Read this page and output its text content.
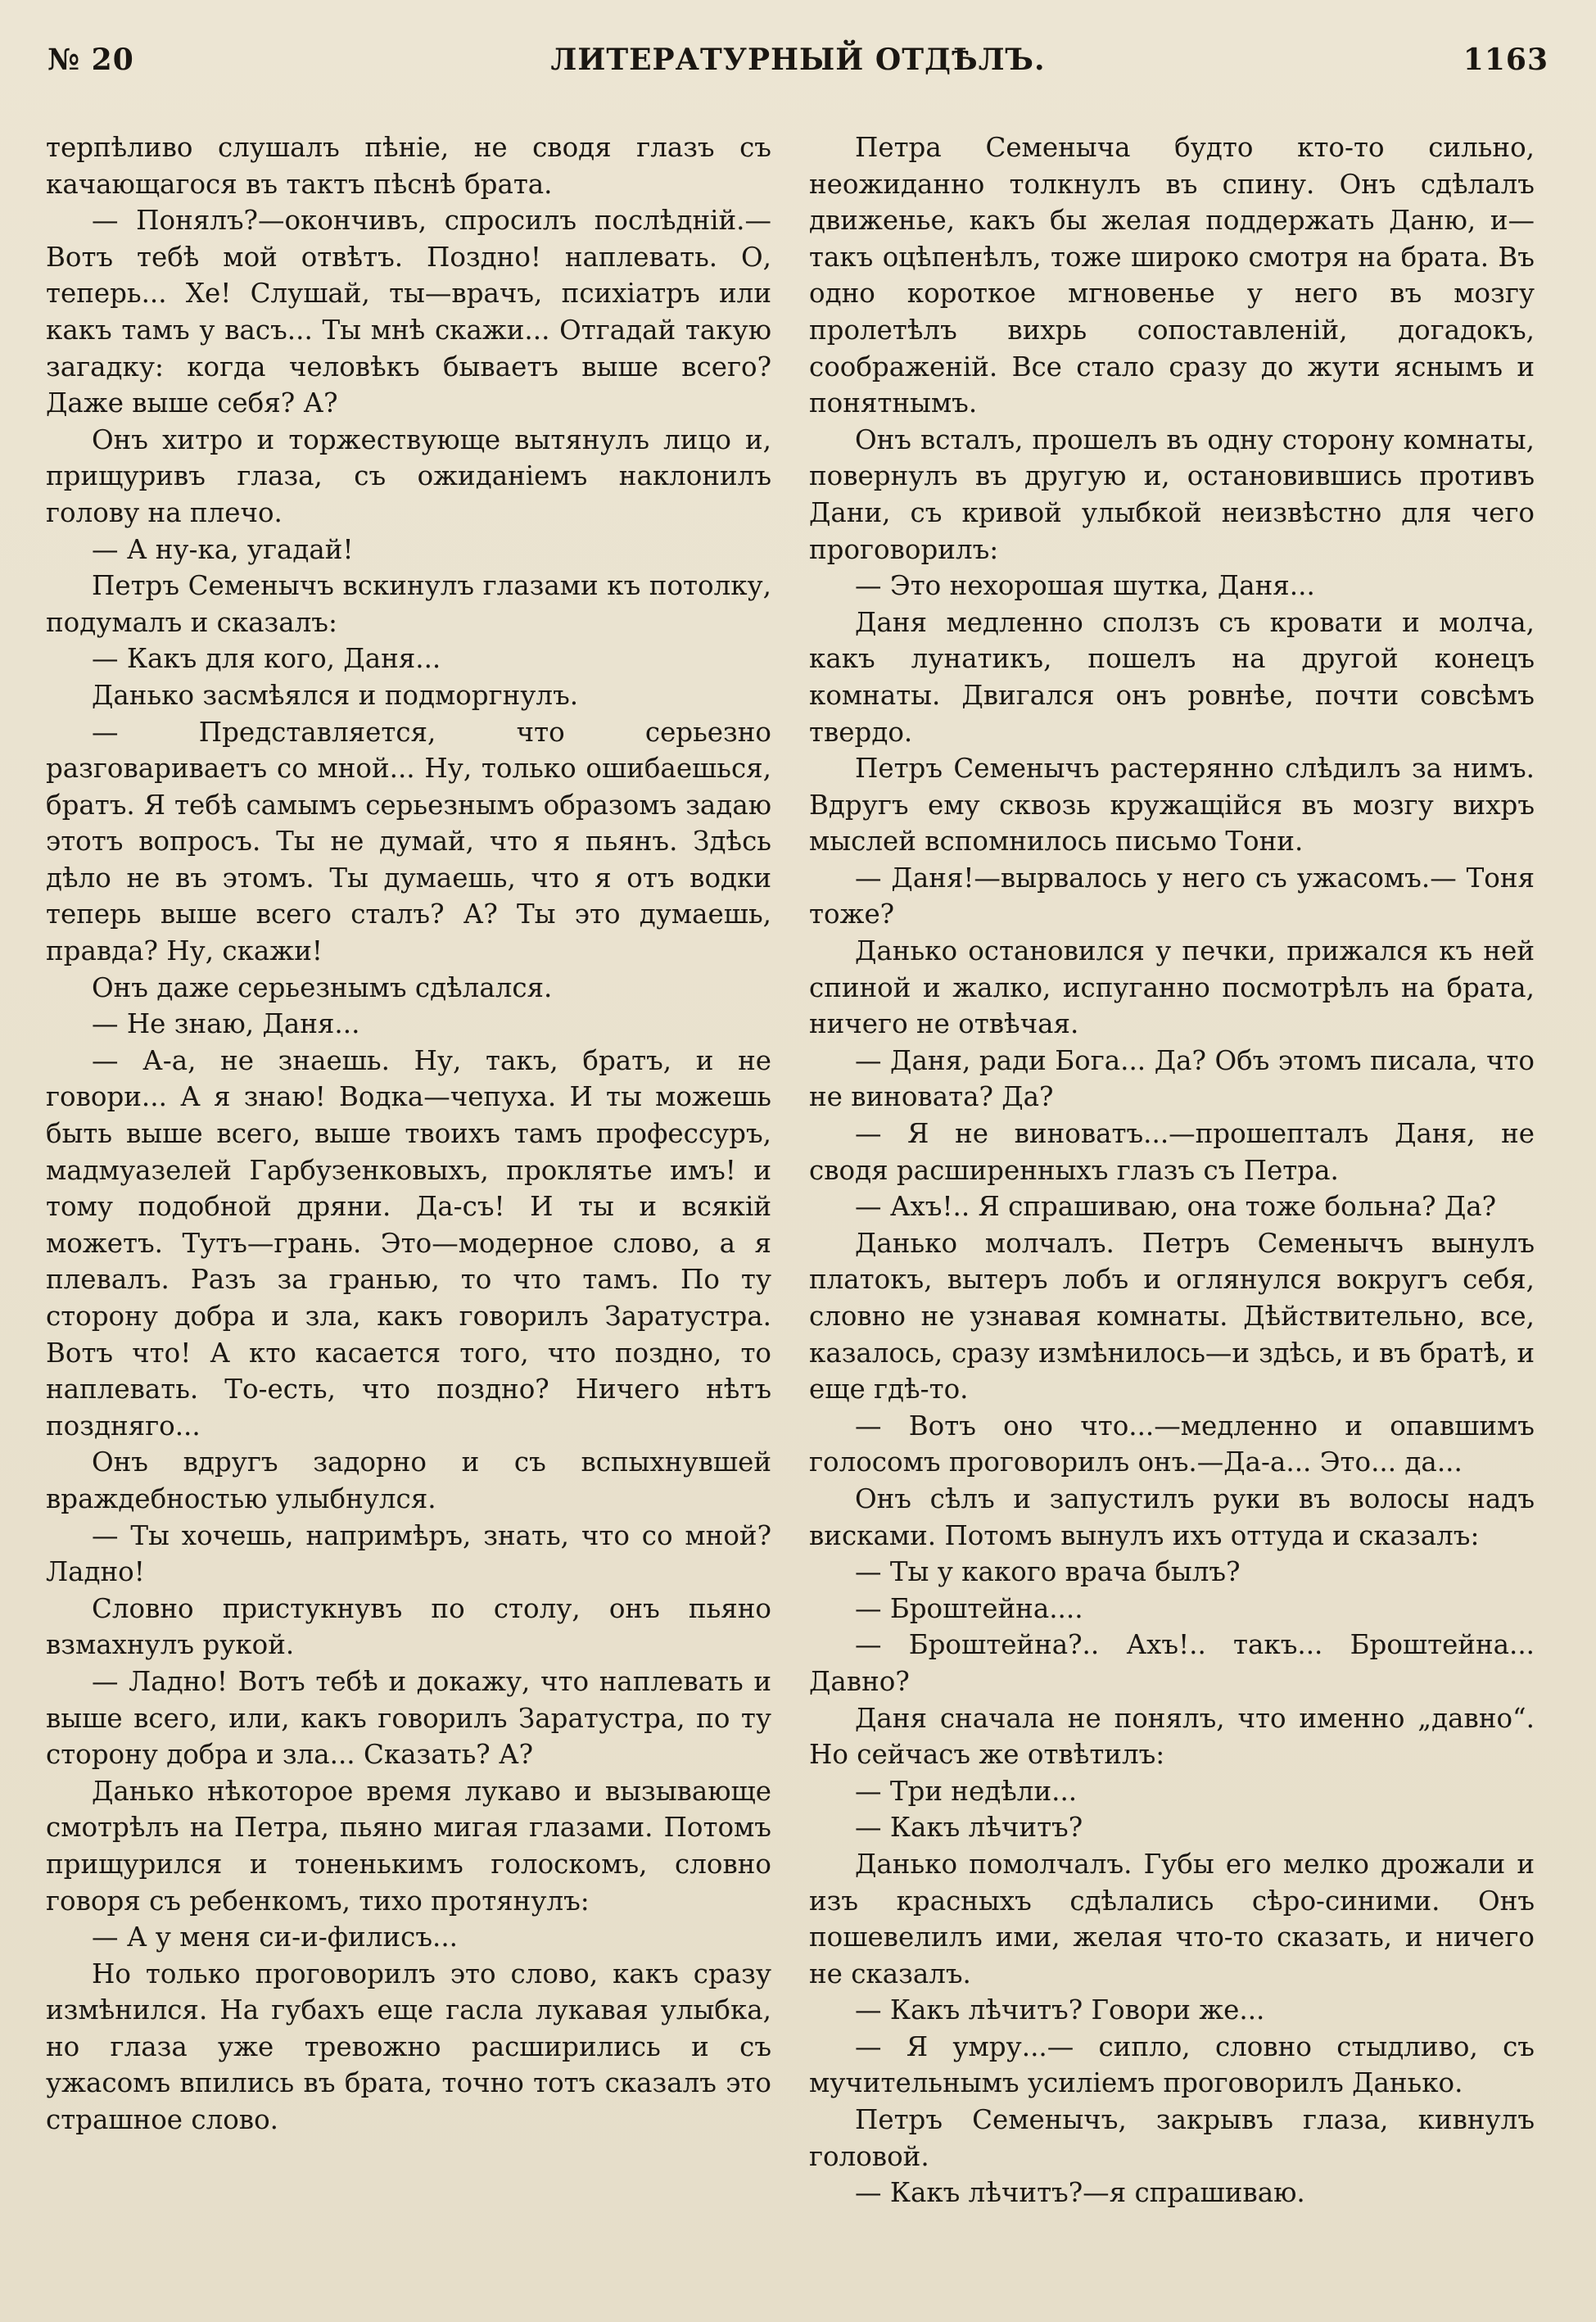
№ 20	ЛИТЕРАТУРНЫЙ ОТДѢЛЪ.	1163

терпѣливо слушалъ пѣніе, не сводя глазъ съ качающагося въ тактъ пѣснѣ брата.

— Понялъ?—окончивъ, спросилъ послѣдній.—Вотъ тебѣ мой отвѣтъ. Поздно! наплевать. О, теперь... Хе! Слушай, ты—врачъ, психіатръ или какъ тамъ у васъ... Ты мнѣ скажи... Отгадай такую загадку: когда человѣкъ бываетъ выше всего? Даже выше себя? А?

Онъ хитро и торжествующе вытянулъ лицо и, прищуривъ глаза, съ ожиданіемъ наклонилъ голову на плечо.

— А ну-ка, угадай!

Петръ Семенычъ вскинулъ глазами къ потолку, подумалъ и сказалъ:

— Какъ для кого, Даня...

Данько засмѣялся и подморгнулъ.

— Представляется, что серьезно разговариваетъ со мной... Ну, только ошибаешься, братъ. Я тебѣ самымъ серьезнымъ образомъ задаю этотъ вопросъ. Ты не думай, что я пьянъ. Здѣсь дѣло не въ этомъ. Ты думаешь, что я отъ водки теперь выше всего сталъ? А? Ты это думаешь, правда? Ну, скажи!

Онъ даже серьезнымъ сдѣлался.

— Не знаю, Даня...

— А-а, не знаешь. Ну, такъ, братъ, и не говори... А я знаю! Водка—чепуха. И ты можешь быть выше всего, выше твоихъ тамъ профессуръ, мадмуазелей Гарбузенковыхъ, проклятье имъ! и тому подобной дряни. Да-съ! И ты и всякій можетъ. Тутъ—грань. Это—модерное слово, а я плевалъ. Разъ за гранью, то что тамъ. По ту сторону добра и зла, какъ говорилъ Заратустра. Вотъ что! А кто касается того, что поздно, то наплевать. То-есть, что поздно? Ничего нѣтъ поздняго...

Онъ вдругъ задорно и съ вспыхнувшей враждебностью улыбнулся.

— Ты хочешь, напримѣръ, знать, что со мной? Ладно!

Словно пристукнувъ по столу, онъ пьяно взмахнулъ рукой.

— Ладно! Вотъ тебѣ и докажу, что наплевать и выше всего, или, какъ говорилъ Заратустра, по ту сторону добра и зла... Сказать? А?

Данько нѣкоторое время лукаво и вызывающе смотрѣлъ на Петра, пьяно мигая глазами. Потомъ прищурился и тоненькимъ голоскомъ, словно говоря съ ребенкомъ, тихо протянулъ:

— А у меня си-и-филисъ...

Но только проговорилъ это слово, какъ сразу измѣнился. На губахъ еще гасла лукавая улыбка, но глаза уже тревожно расширились и съ ужасомъ впились въ брата, точно тотъ сказалъ это страшное слово.

Петра Семеныча будто кто-то сильно, неожиданно толкнулъ въ спину. Онъ сдѣлалъ движенье, какъ бы желая поддержать Даню, и—такъ оцѣпенѣлъ, тоже широко смотря на брата. Въ одно короткое мгновенье у него въ мозгу пролетѣлъ вихрь сопоставленій, догадокъ, соображеній. Все стало сразу до жути яснымъ и понятнымъ.

Онъ всталъ, прошелъ въ одну сторону комнаты, повернулъ въ другую и, остановившись противъ Дани, съ кривой улыбкой неизвѣстно для чего проговорилъ:

— Это нехорошая шутка, Даня...

Даня медленно сползъ съ кровати и молча, какъ лунатикъ, пошелъ на другой конецъ комнаты. Двигался онъ ровнѣе, почти совсѣмъ твердо.

Петръ Семенычъ растерянно слѣдилъ за нимъ. Вдругъ ему сквозь кружащійся въ мозгу вихръ мыслей вспомнилось письмо Тони.

— Даня!—вырвалось у него съ ужасомъ.— Тоня тоже?

Данько остановился у печки, прижался къ ней спиной и жалко, испуганно посмотрѣлъ на брата, ничего не отвѣчая.

— Даня, ради Бога... Да? Объ этомъ писала, что не виновата? Да?

— Я не виноватъ...—прошепталъ Даня, не сводя расширенныхъ глазъ съ Петра.

— Ахъ!.. Я спрашиваю, она тоже больна? Да?

Данько молчалъ. Петръ Семенычъ вынулъ платокъ, вытеръ лобъ и оглянулся вокругъ себя, словно не узнавая комнаты. Дѣйствительно, все, казалось, сразу измѣнилось—и здѣсь, и въ братѣ, и еще гдѣ-то.

— Вотъ оно что...—медленно и опавшимъ голосомъ проговорилъ онъ.—Да-а... Это... да...

Онъ сѣлъ и запустилъ руки въ волосы надъ висками. Потомъ вынулъ ихъ оттуда и сказалъ:

— Ты у какого врача былъ?

— Броштейна....

— Броштейна?.. Ахъ!.. такъ... Броштейна... Давно?

Даня сначала не понялъ, что именно „давно“. Но сейчасъ же отвѣтилъ:

— Три недѣли...

— Какъ лѣчитъ?

Данько помолчалъ. Губы его мелко дрожали и изъ красныхъ сдѣлались сѣро-синими. Онъ пошевелилъ ими, желая что-то сказать, и ничего не сказалъ.

— Какъ лѣчитъ? Говори же...

— Я умру...— сипло, словно стыдливо, съ мучительнымъ усиліемъ проговорилъ Данько.

Петръ Семенычъ, закрывъ глаза, кивнулъ головой.

— Какъ лѣчитъ?—я спрашиваю.
